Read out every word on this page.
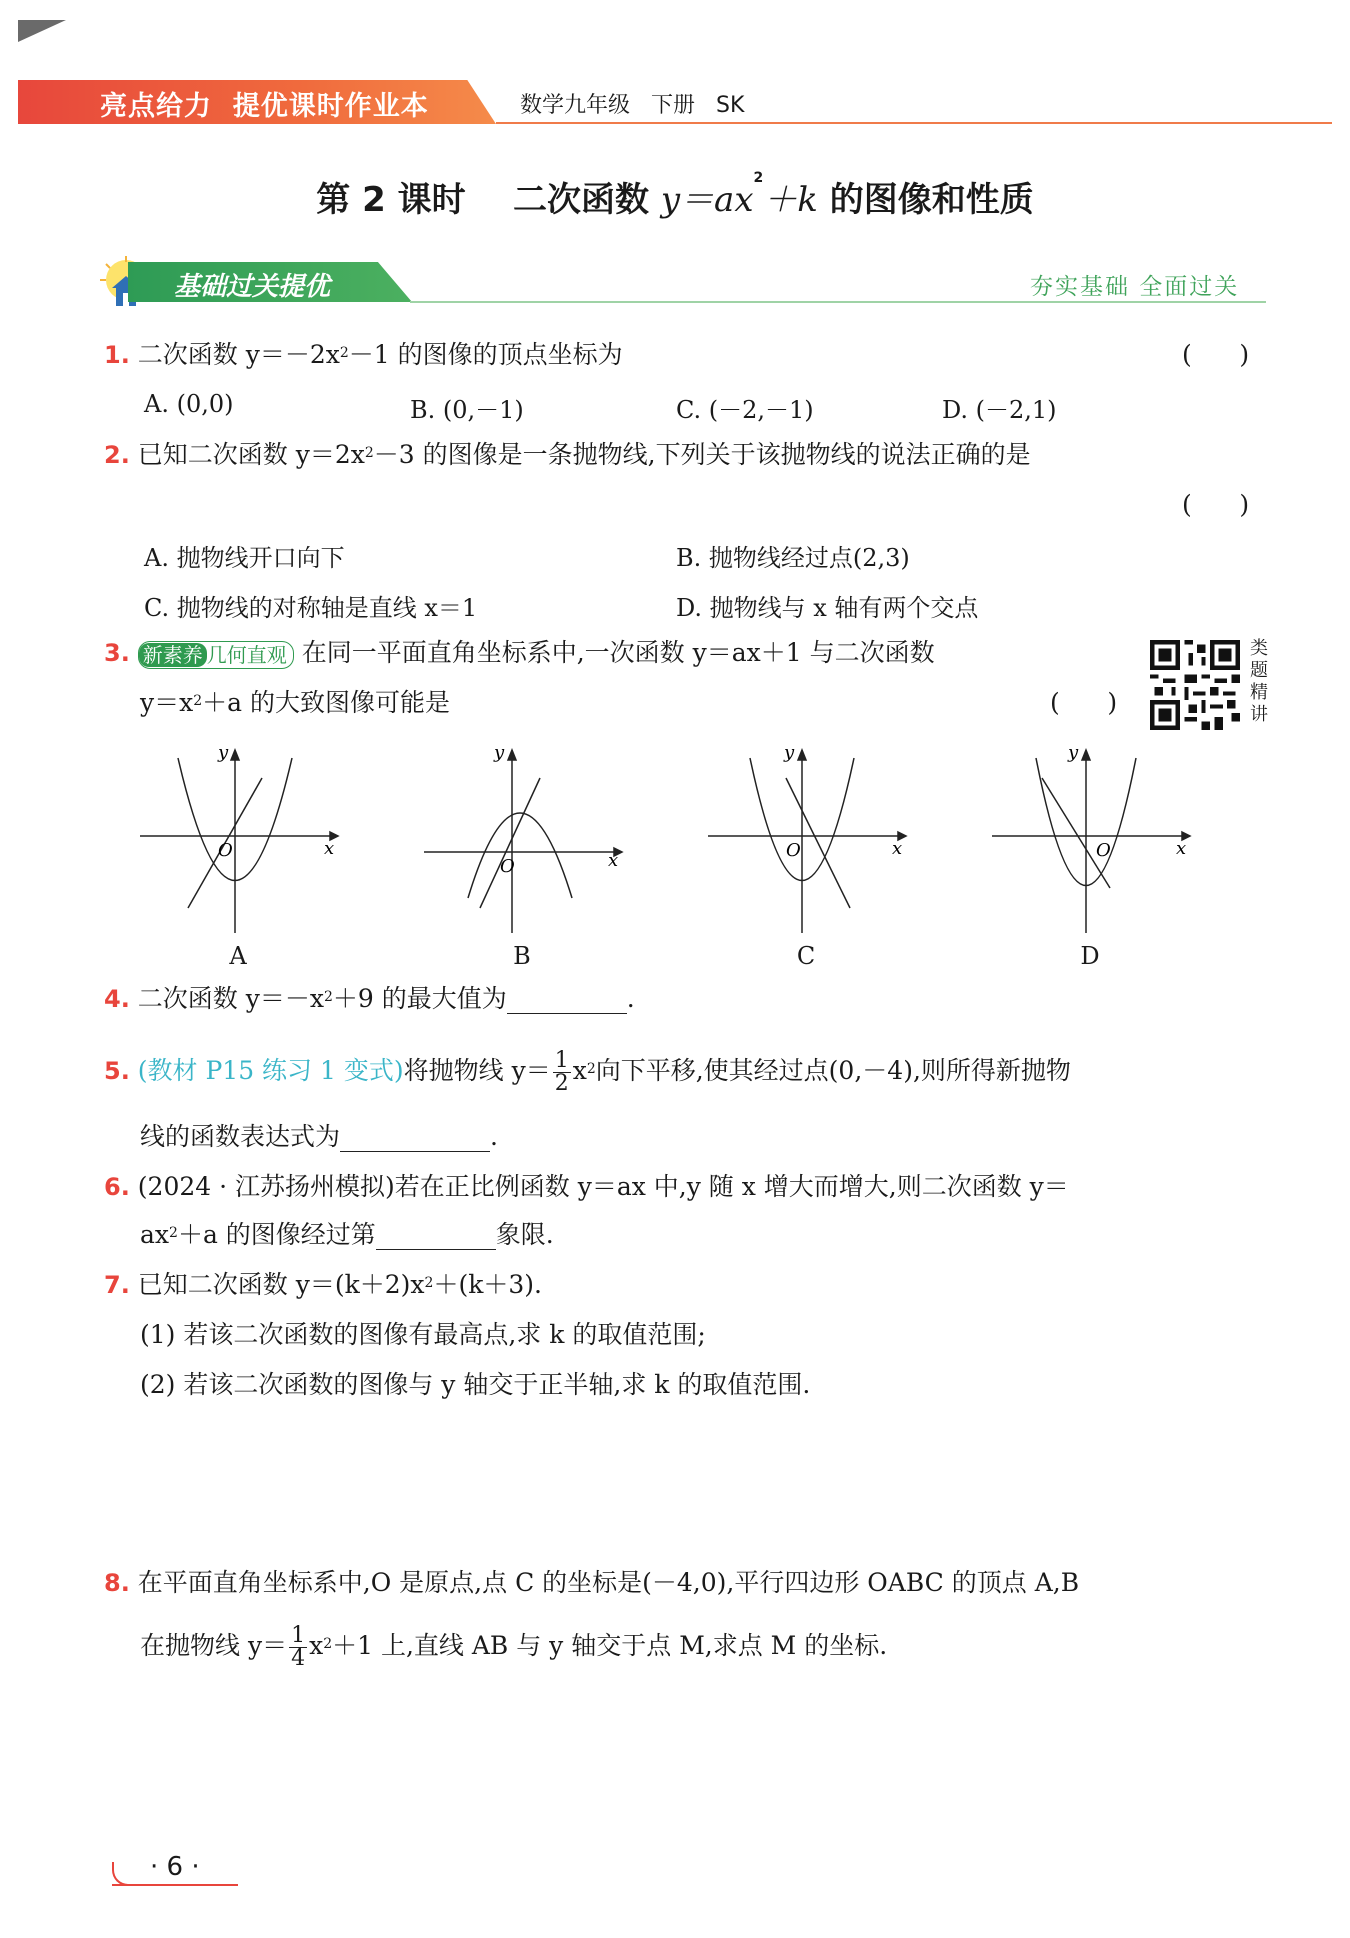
亮点给力  提优课时作业本	数学九年级 下册 SK
第 2 课时 二次函数 $y=ax^2+k$ 的图像和性质
基础过关提优	夯实基础 全面过关
1. 二次函数 $y=-2x^2-1$ 的图像的顶点坐标为	(      )
A. (0,0)	B. (0,－1)	C. (－2,－1)	D. (－2,1)
2. 已知二次函数 $y=2x^2-3$ 的图像是一条抛物线,下列关于该抛物线的说法正确的是
(      )
A. 抛物线开口向下	B. 抛物线经过点(2,3)
C. 抛物线的对称轴是直线 x＝1	D. 抛物线与 x 轴有两个交点
3. 新素养 几何直观 在同一平面直角坐标系中,一次函数 y＝ax＋1 与二次函数
$y=x^2+a$ 的大致图像可能是	(      )
类
题
精
讲
y
x
O
A
y
x
O
B
y
x
O
C
y
x
O
D
4. 二次函数 $y=-x^2+9$ 的最大值为	.
5. (教材 P15 练习 1 变式)将抛物线 $y= \frac{1}{2} x^2$向下平移,使其经过点(0,－4),则所得新抛物
线的函数表达式为	.
6. (2024 · 江苏扬州模拟)若在正比例函数 y＝ax 中,y 随 x 增大而增大,则二次函数 y＝
$ax^2+a$ 的图像经过第	象限.
7. 已知二次函数 $y=(k+2)x^2+(k+3)$.
(1) 若该二次函数的图像有最高点,求 k 的取值范围;
(2) 若该二次函数的图像与 y 轴交于正半轴,求 k 的取值范围.
8. 在平面直角坐标系中,O 是原点,点 C 的坐标是(－4,0),平行四边形 OABC 的顶点 A,B
在抛物线 $y= \frac{1}{4} x^2+1$ 上,直线 AB 与 y 轴交于点 M,求点 M 的坐标.
· 6 ·
